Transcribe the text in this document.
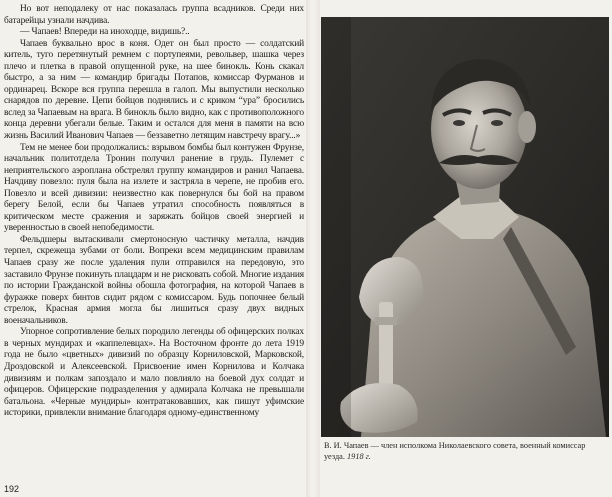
Но вот неподалеку от нас показалась группа всадников. Среди них батарейцы узнали начдива.

— Чапаев! Впереди на иноходце, видишь?..

Чапаев буквально врос в коня. Одет он был просто — солдатский китель, туго перетянутый ремнем с портупеями, револьвер, шашка через плечо и плетка в правой опущенной руке, на шее бинокль. Конь скакал быстро, а за ним — командир бригады Потапов, комиссар Фурманов и ординарец. Вскоре вся группа перешла в галоп. Мы выпустили несколько снарядов по деревне. Цепи бойцов поднялись и с криком “ура” бросились вслед за Чапаевым на врага. В бинокль было видно, как с противоположного конца деревни убегали белые. Таким и остался для меня в памяти на всю жизнь Василий Иванович Чапаев — беззаветно летящим навстречу врагу...»

Тем не менее бои продолжались: взрывом бомбы был контужен Фрунзе, начальник политотдела Тронин получил ранение в грудь. Пулемет с неприятельского аэроплана обстрелял группу командиров и ранил Чапаева. Начдиву повезло: пуля была на излете и застряла в черепе, не пробив его. Повезло и всей дивизии: неизвестно как повернулся бы бой на правом берегу Белой, если бы Чапаев утратил способность появляться в критическом месте сражения и заряжать бойцов своей энергией и уверенностью в своей непобедимости.

Фельдшеры вытаскивали смертоносную частичку металла, начдив терпел, скрежеща зубами от боли. Вопреки всем медицинским правилам Чапаев сразу же после удаления пули отправился на передовую, это заставило Фрунзе покинуть плацдарм и не рисковать собой. Многие издания по истории Гражданской войны обошла фотография, на которой Чапаев в фуражке поверх бинтов сидит рядом с комиссаром. Будь попочнее белый стрелок, Красная армия могла бы лишиться сразу двух видных военачальников.

Упорное сопротивление белых породило легенды об офицерских полках в черных мундирах и «каппелевцах». На Восточном фронте до лета 1919 года не было «цветных» дивизий по образцу Корниловской, Марковской, Дроздовской и Алексеевской. Присвоение имен Корнилова и Колчака дивизиям и полкам запоздало и мало повлияло на боевой дух солдат и офицеров. Офицерские подразделения у адмирала Колчака не превышали батальона. «Черные мундиры» контратаковавших, как пишут уфимские историки, привлекли внимание благодаря одному-единственному

192
В. И. Чапаев — член исполкома Николаевского совета, военный комиссар уезда. 1918 г.
